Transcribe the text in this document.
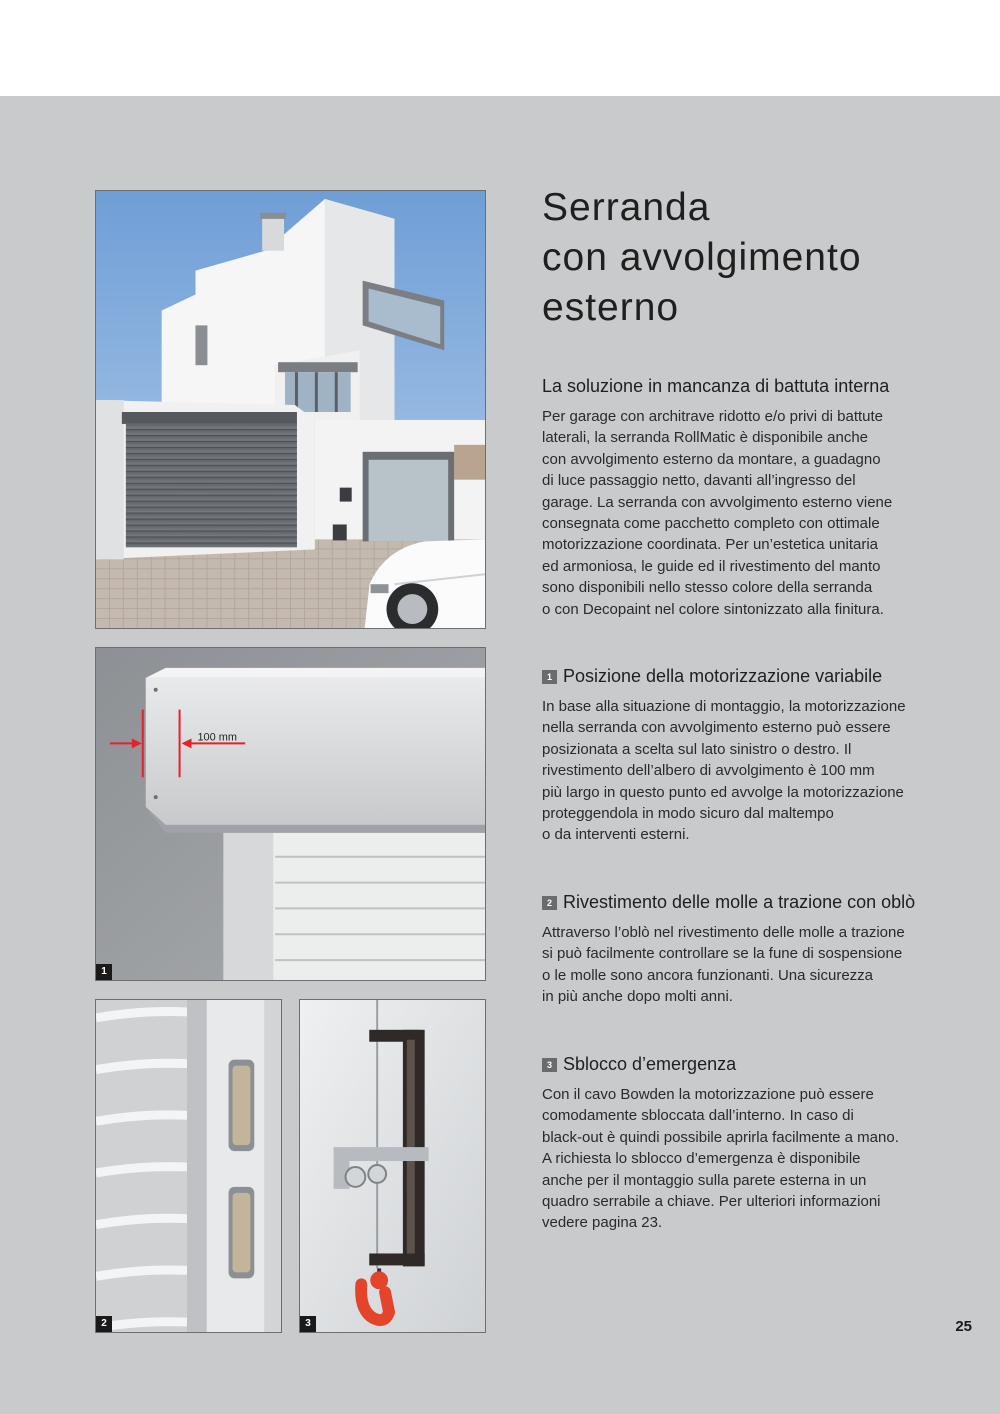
100 mm
1
2	3
Serranda
con avvolgimento
esterno
La soluzione in mancanza di battuta interna

Per garage con architrave ridotto e/o privi di battute
laterali, la serranda RollMatic è disponibile anche
con avvolgimento esterno da montare, a guadagno
di luce passaggio netto, davanti all’ingresso del
garage. La serranda con avvolgimento esterno viene
consegnata come pacchetto completo con ottimale
motorizzazione coordinata. Per un’estetica unitaria
ed armoniosa, le guide ed il rivestimento del manto
sono disponibili nello stesso colore della serranda
o con Decopaint nel colore sintonizzato alla finitura.

1 Posizione della motorizzazione variabile

In base alla situazione di montaggio, la motorizzazione
nella serranda con avvolgimento esterno può essere
posizionata a scelta sul lato sinistro o destro. Il
rivestimento dell’albero di avvolgimento è 100 mm
più largo in questo punto ed avvolge la motorizzazione
proteggendola in modo sicuro dal maltempo
o da interventi esterni.

2 Rivestimento delle molle a trazione con oblò

Attraverso l’oblò nel rivestimento delle molle a trazione
si può facilmente controllare se la fune di sospensione
o le molle sono ancora funzionanti. Una sicurezza
in più anche dopo molti anni.

3 Sblocco d’emergenza

Con il cavo Bowden la motorizzazione può essere
comodamente sbloccata dall’interno. In caso di
black-out è quindi possibile aprirla facilmente a mano.
A richiesta lo sblocco d’emergenza è disponibile
anche per il montaggio sulla parete esterna in un
quadro serrabile a chiave. Per ulteriori informazioni
vedere pagina 23.

25
